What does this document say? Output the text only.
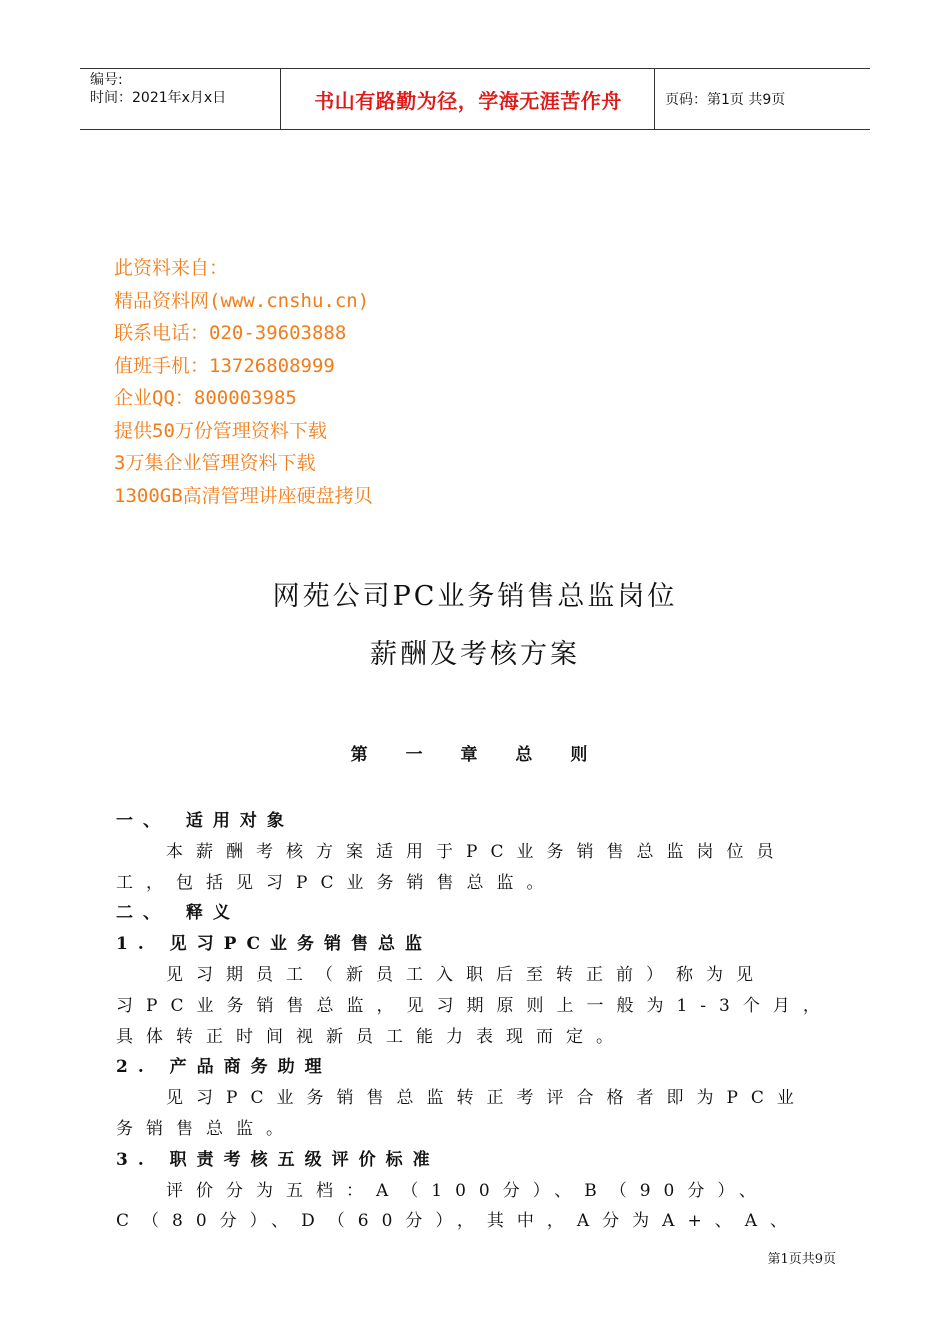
编号:
时间：2021年x月x日	书山有路勤为径，学海无涯苦作舟	页码：第1页 共9页
此资料来自：
精品资料网(www.cnshu.cn)
联系电话：020-39603888
值班手机：13726808999
企业QQ：800003985
提供50万份管理资料下载
3万集企业管理资料下载
1300GB高清管理讲座硬盘拷贝
网苑公司PC业务销售总监岗位
薪酬及考核方案
第 一 章 总 则
一、 适用对象
本薪酬考核方案适用于PC业务销售总监岗位员
工，包括见习PC业务销售总监。
二、 释义
1. 见习PC业务销售总监
见习期员工（新员工入职后至转正前）称为见
习PC业务销售总监，见习期原则上一般为1-3个月，
具体转正时间视新员工能力表现而定。
2. 产品商务助理
见习PC业务销售总监转正考评合格者即为PC业
务销售总监。
3. 职责考核五级评价标准
评价分为五档：A（100分）、B（90分）、
C（80分）、D（60分），其中，A分为A+、A、
第1页共9页
